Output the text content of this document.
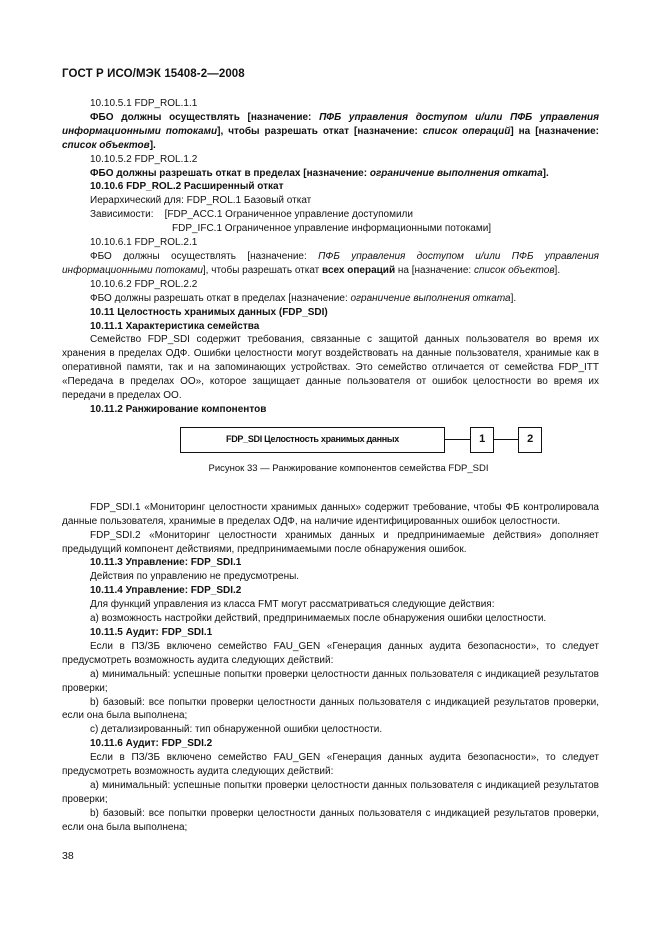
ГОСТ Р ИСО/МЭК 15408-2—2008

10.10.5.1 FDP_ROL.1.1

ФБО должны осуществлять [назначение: ПФБ управления доступом и/или ПФБ управления информационными потоками], чтобы разрешать откат [назначение: список операций] на [назначение: список объектов].

10.10.5.2 FDP_ROL.1.2

ФБО должны разрешать откат в пределах [назначение: ограничение выполнения отката].

10.10.6 FDP_ROL.2 Расширенный откат

Иерархический для: FDP_ROL.1 Базовый откат

Зависимости: [FDP_ACC.1 Ограниченное управление доступомили

FDP_IFC.1 Ограниченное управление информационными потоками]

10.10.6.1 FDP_ROL.2.1

ФБО должны осуществлять [назначение: ПФБ управления доступом и/или ПФБ управления информационными потоками], чтобы разрешать откат всех операций на [назначение: список объектов].

10.10.6.2 FDP_ROL.2.2

ФБО должны разрешать откат в пределах [назначение: ограничение выполнения отката].

10.11 Целостность хранимых данных (FDP_SDI)

10.11.1 Характеристика семейства

Семейство FDP_SDI содержит требования, связанные с защитой данных пользователя во время их хранения в пределах ОДФ. Ошибки целостности могут воздействовать на данные пользователя, хранимые как в оперативной памяти, так и на запоминающих устройствах. Это семейство отличается от семейства FDP_ITT «Передача в пределах ОО», которое защищает данные пользователя от ошибок целостности во время их передачи в пределах ОО.

10.11.2 Ранжирование компонентов

FDP_SDI Целостность хранимых данных	1	2
Рисунок 33 — Ранжирование компонентов семейства FDP_SDI

FDP_SDI.1 «Мониторинг целостности хранимых данных» содержит требование, чтобы ФБ контролировала данные пользователя, хранимые в пределах ОДФ, на наличие идентифицированных ошибок целостности.

FDP_SDI.2 «Мониторинг целостности хранимых данных и предпринимаемые действия» дополняет предыдущий компонент действиями, предпринимаемыми после обнаружения ошибок.

10.11.3 Управление: FDP_SDI.1

Действия по управлению не предусмотрены.

10.11.4 Управление: FDP_SDI.2

Для функций управления из класса FMT могут рассматриваться следующие действия:

а) возможность настройки действий, предпринимаемых после обнаружения ошибки целостности.

10.11.5 Аудит: FDP_SDI.1

Если в ПЗ/ЗБ включено семейство FAU_GEN «Генерация данных аудита безопасности», то следует предусмотреть возможность аудита следующих действий:

а) минимальный: успешные попытки проверки целостности данных пользователя с индикацией результатов проверки;

b) базовый: все попытки проверки целостности данных пользователя с индикацией результатов проверки, если она была выполнена;

с) детализированный: тип обнаруженной ошибки целостности.

10.11.6 Аудит: FDP_SDI.2

Если в ПЗ/ЗБ включено семейство FAU_GEN «Генерация данных аудита безопасности», то следует предусмотреть возможность аудита следующих действий:

а) минимальный: успешные попытки проверки целостности данных пользователя с индикацией результатов проверки;

b) базовый: все попытки проверки целостности данных пользователя с индикацией результатов проверки, если она была выполнена;

38
